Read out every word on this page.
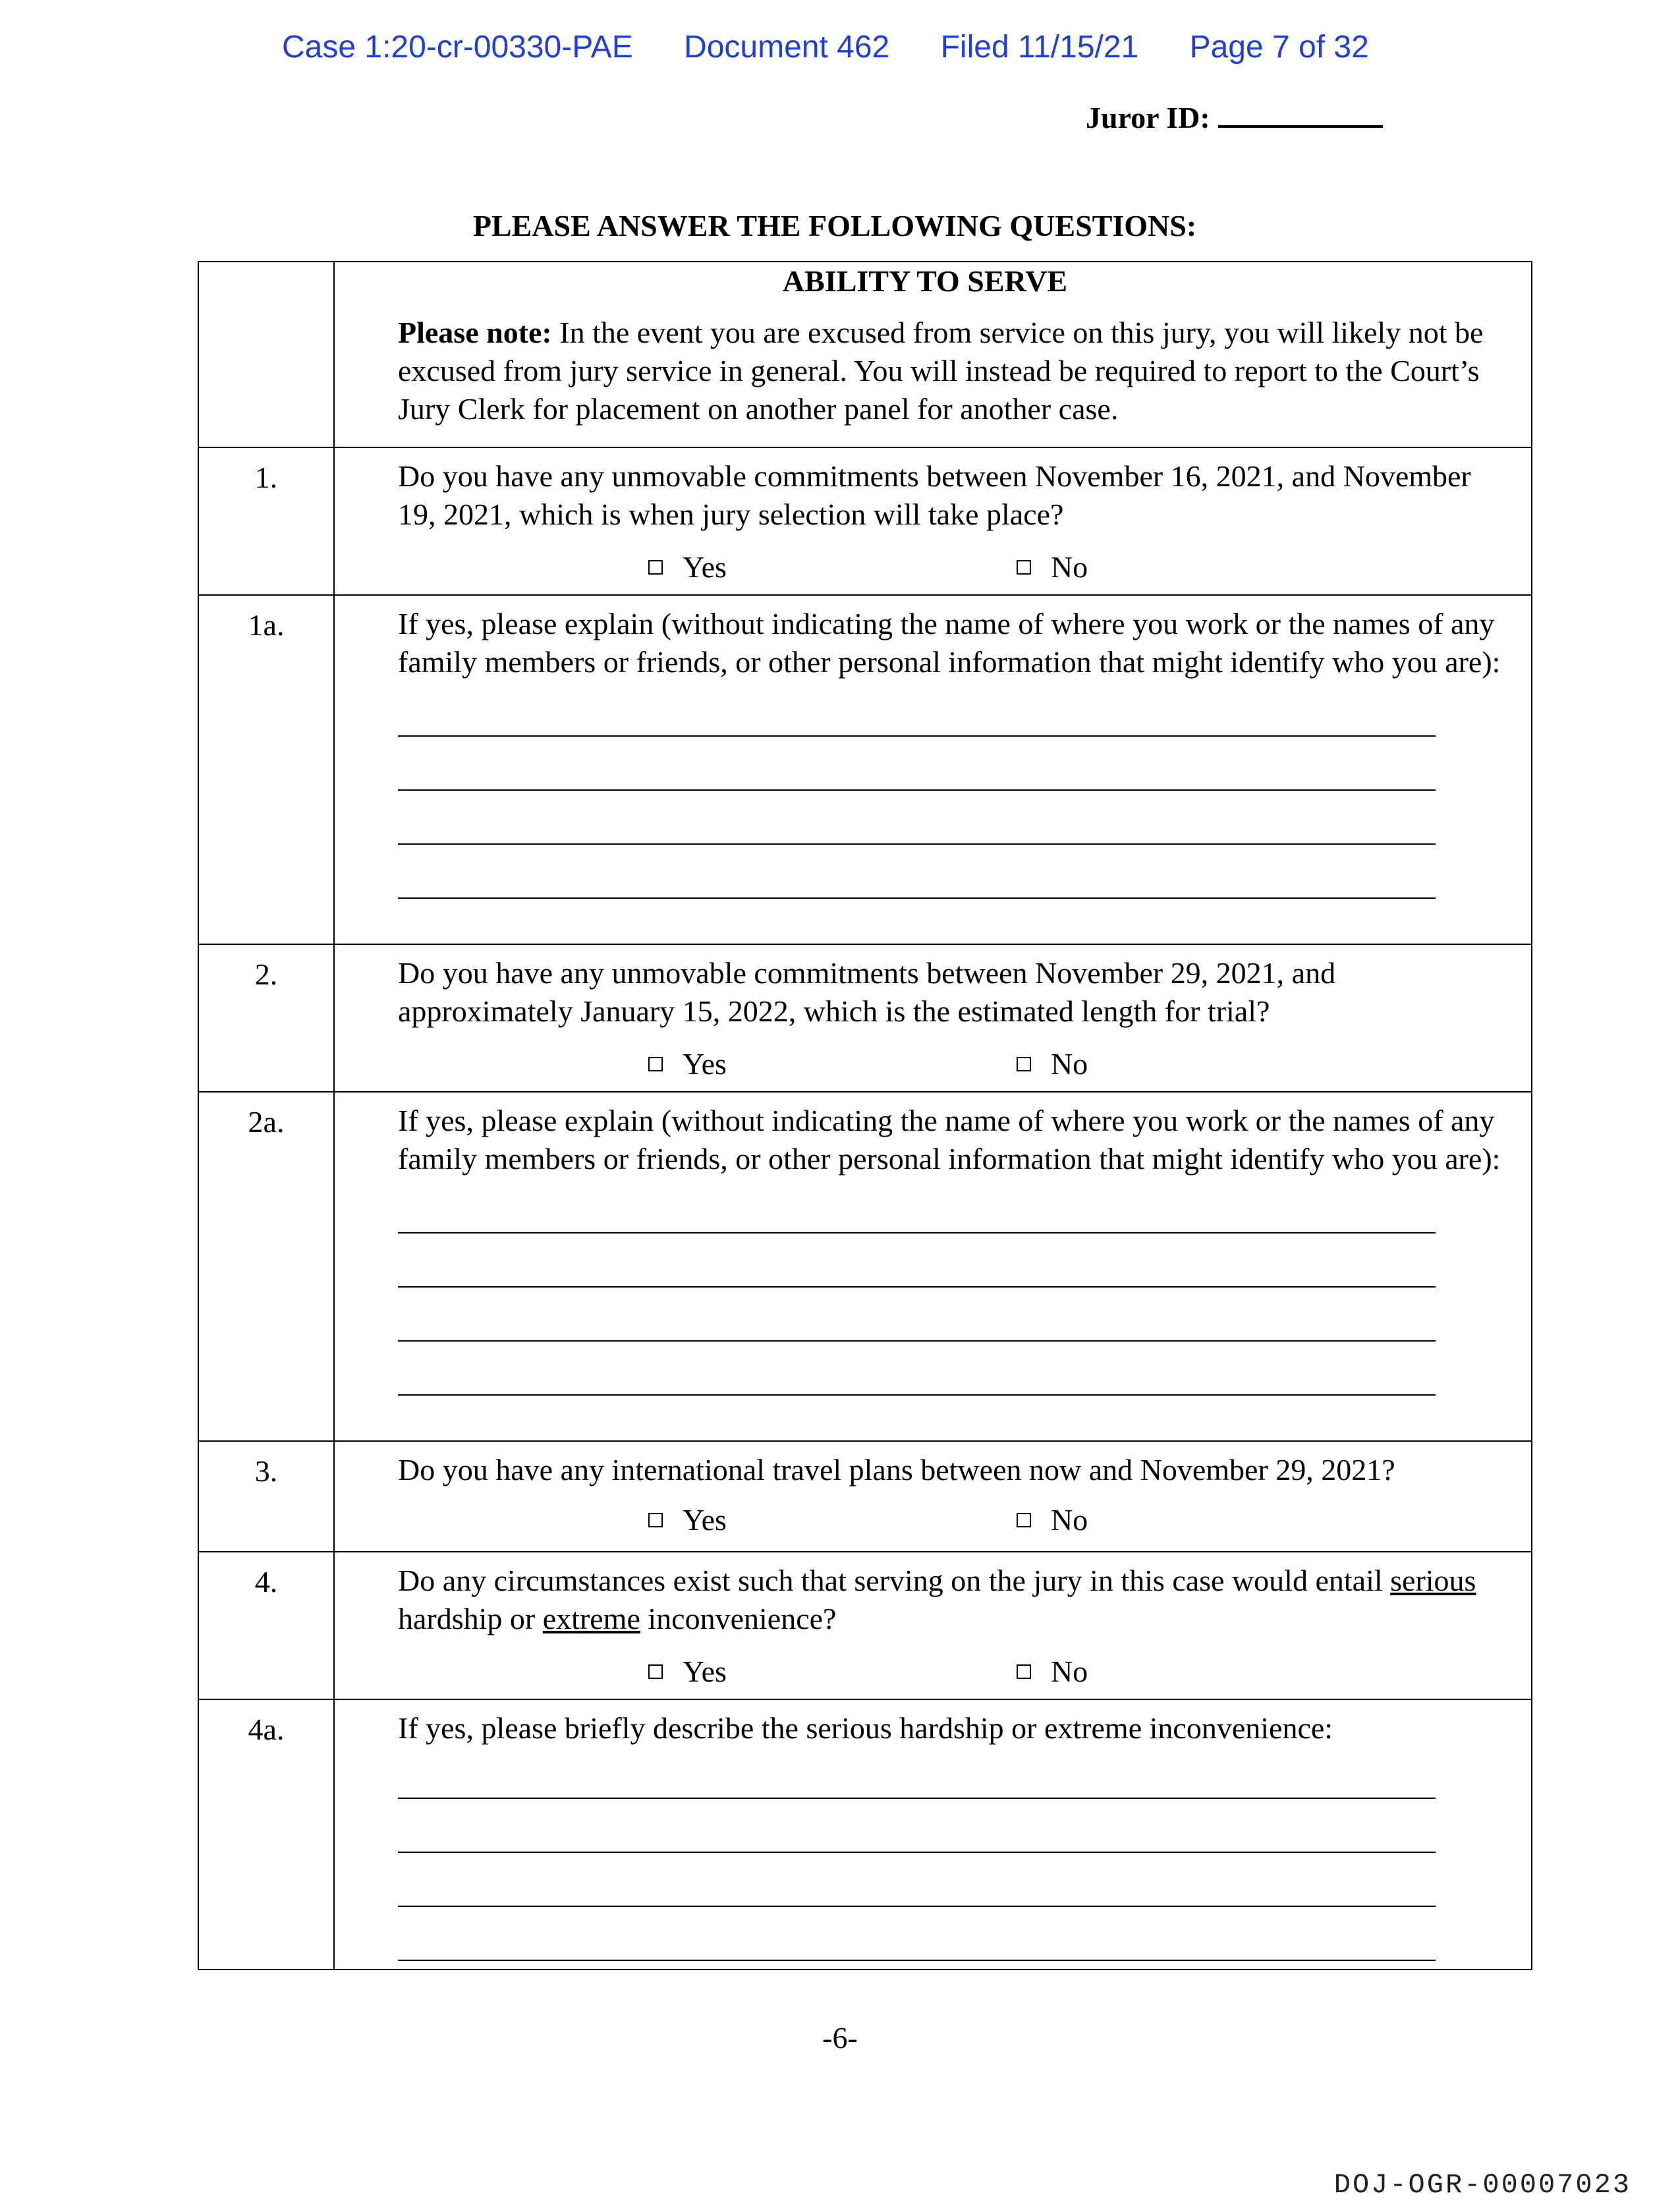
Case 1:20-cr-00330-PAE Document 462 Filed 11/15/21 Page 7 of 32
Juror ID:
PLEASE ANSWER THE FOLLOWING QUESTIONS:
ABILITY TO SERVE
Please note: In the event you are excused from service on this jury, you will likely not be excused from jury service in general. You will instead be required to report to the Court’s Jury Clerk for placement on another panel for another case.
1.	Do you have any unmovable commitments between November 16, 2021, and November 19, 2021, which is when jury selection will take place?
Yes	No
1a.	If yes, please explain (without indicating the name of where you work or the names of any family members or friends, or other personal information that might identify who you are):
2.	Do you have any unmovable commitments between November 29, 2021, and approximately January 15, 2022, which is the estimated length for trial?
Yes	No
2a.	If yes, please explain (without indicating the name of where you work or the names of any family members or friends, or other personal information that might identify who you are):
3.	Do you have any international travel plans between now and November 29, 2021?
Yes	No
4.	Do any circumstances exist such that serving on the jury in this case would entail serious hardship or extreme inconvenience?
Yes	No
4a.	If yes, please briefly describe the serious hardship or extreme inconvenience:
-6-
DOJ-OGR-00007023
